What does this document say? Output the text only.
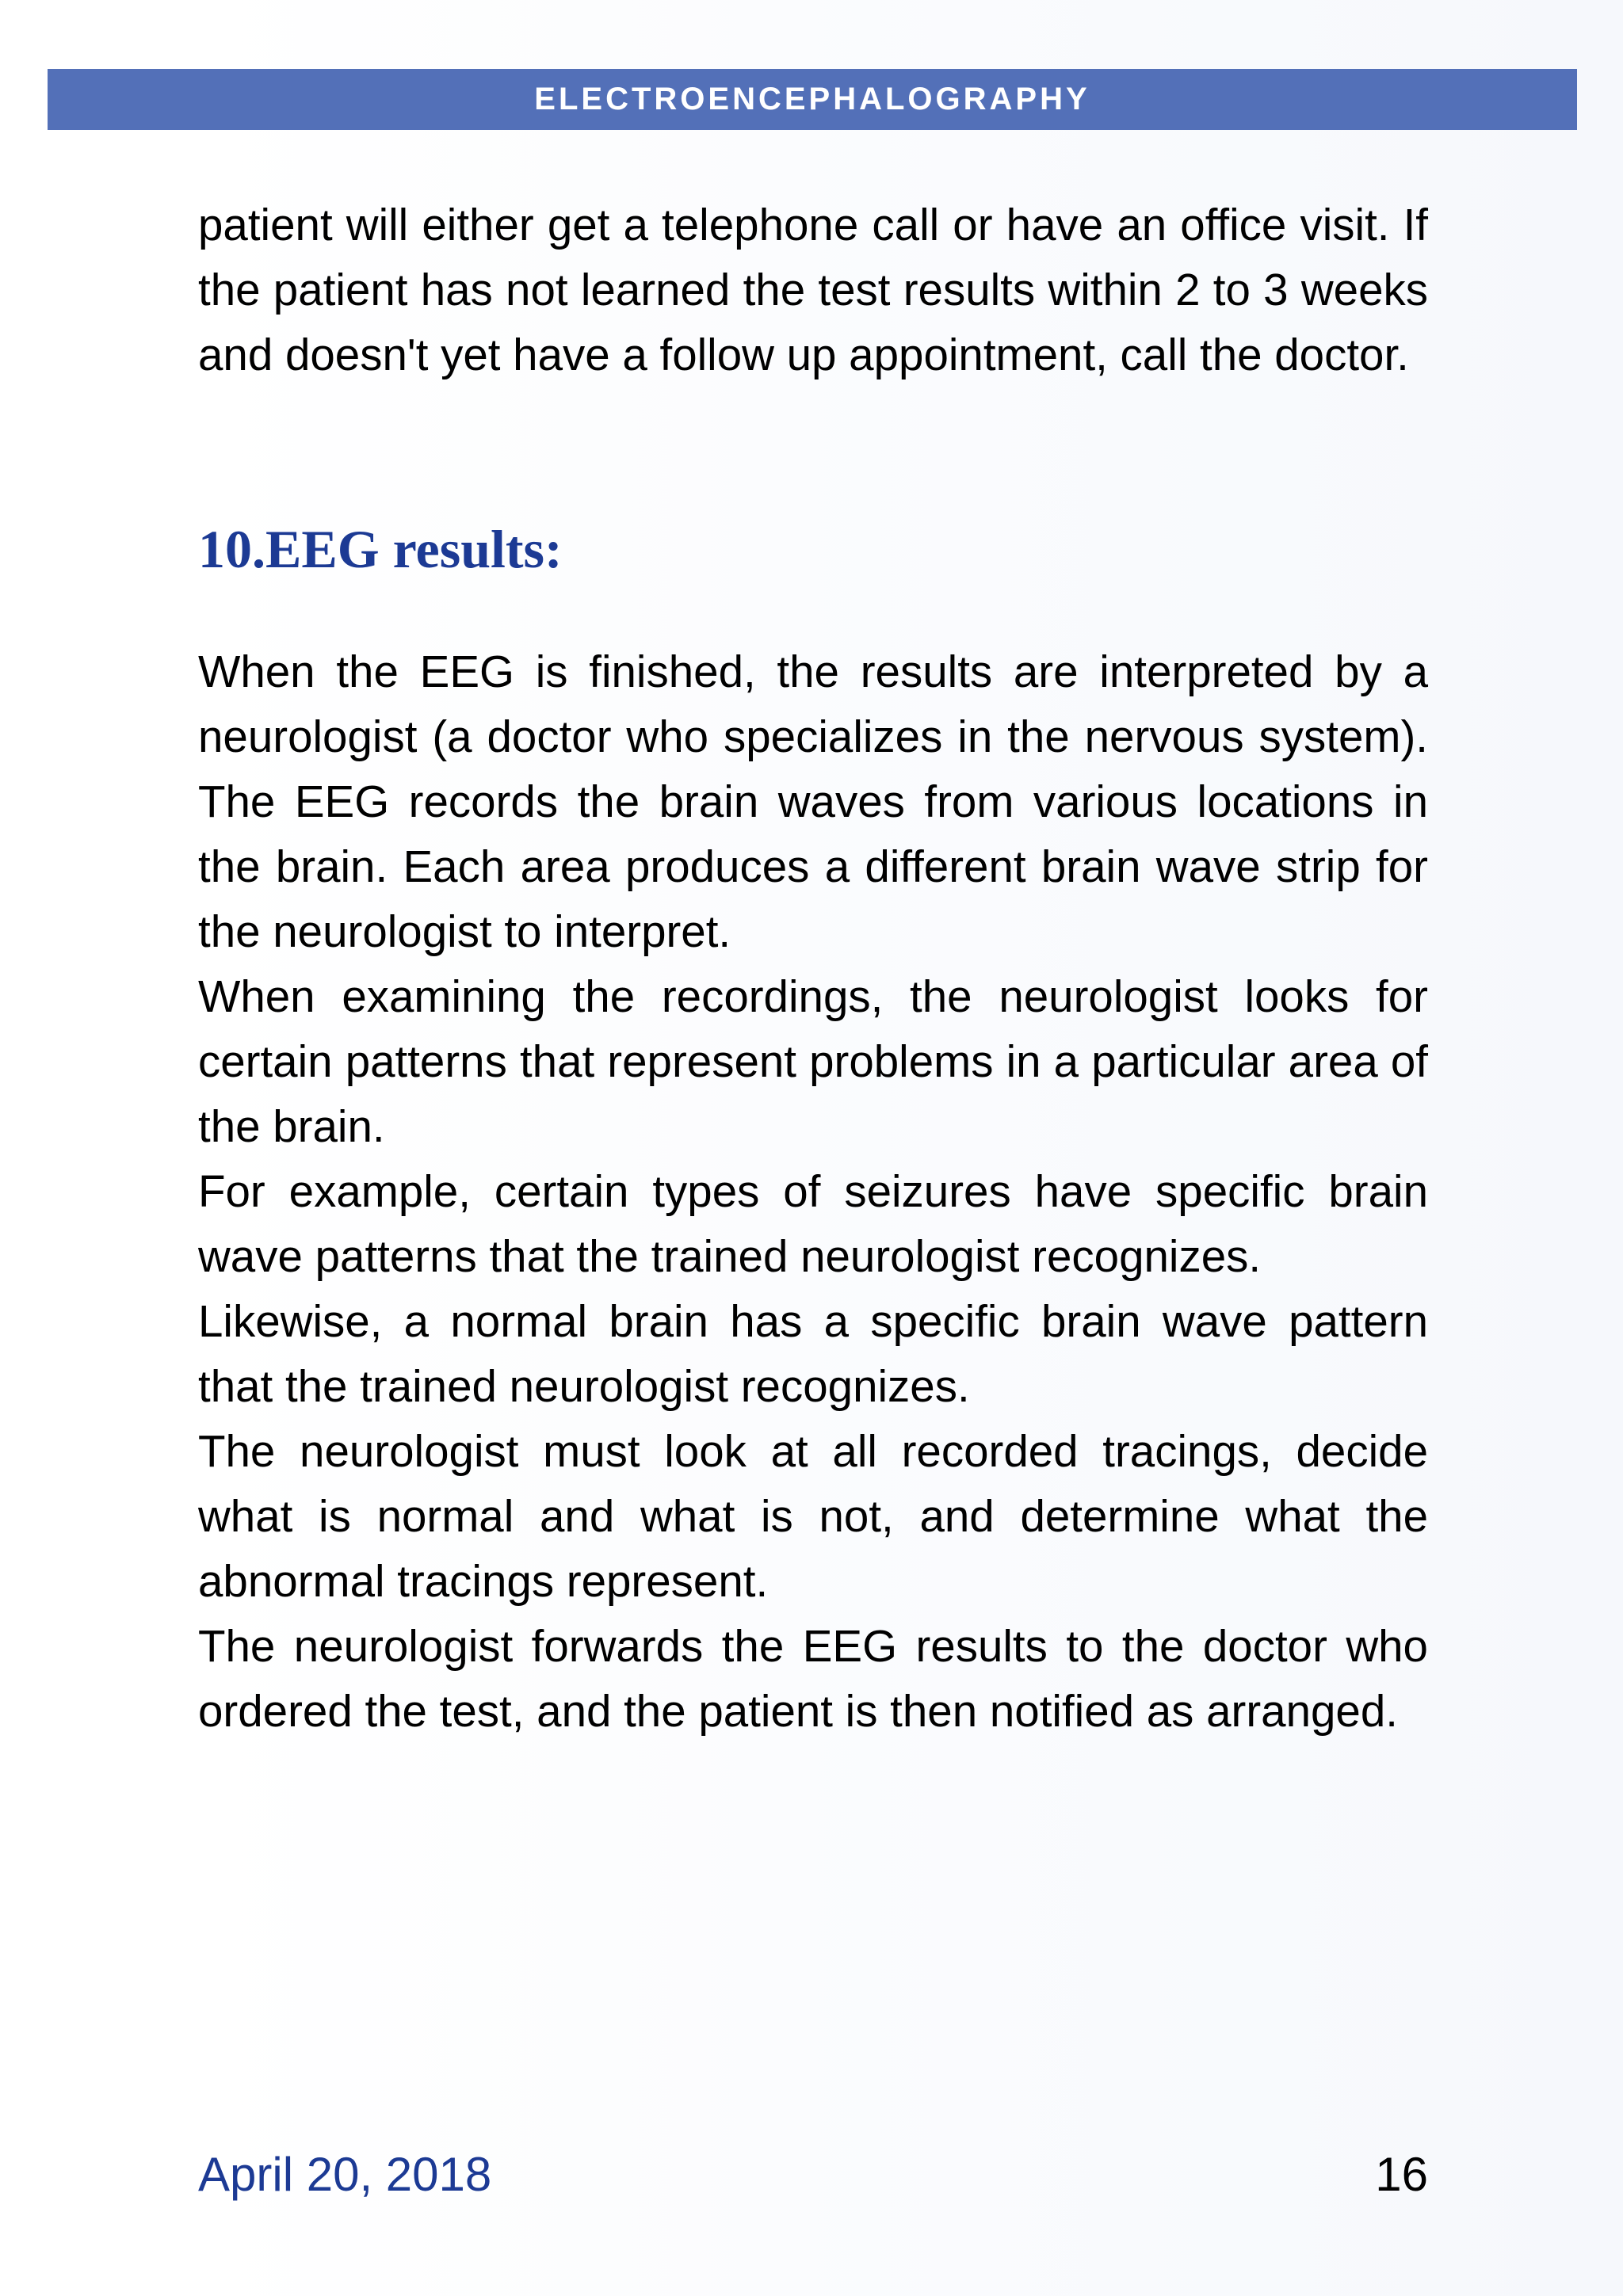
ELECTROENCEPHALOGRAPHY

patient will either get a telephone call or have an office visit. If the patient has not learned the test results within 2 to 3 weeks and doesn't yet have a follow up appointment, call the doctor.

10.EEG results:

When the EEG is finished, the results are interpreted by a neurologist (a doctor who specializes in the nervous system). The EEG records the brain waves from various locations in the brain. Each area produces a different brain wave strip for the neurologist to interpret.

When examining the recordings, the neurologist looks for certain patterns that represent problems in a particular area of the brain.

For example, certain types of seizures have specific brain wave patterns that the trained neurologist recognizes.

Likewise, a normal brain has a specific brain wave pattern that the trained neurologist recognizes.

The neurologist must look at all recorded tracings, decide what is normal and what is not, and determine what the abnormal tracings represent.

The neurologist forwards the EEG results to the doctor who ordered the test, and the patient is then notified as arranged.

April 20, 2018	16
